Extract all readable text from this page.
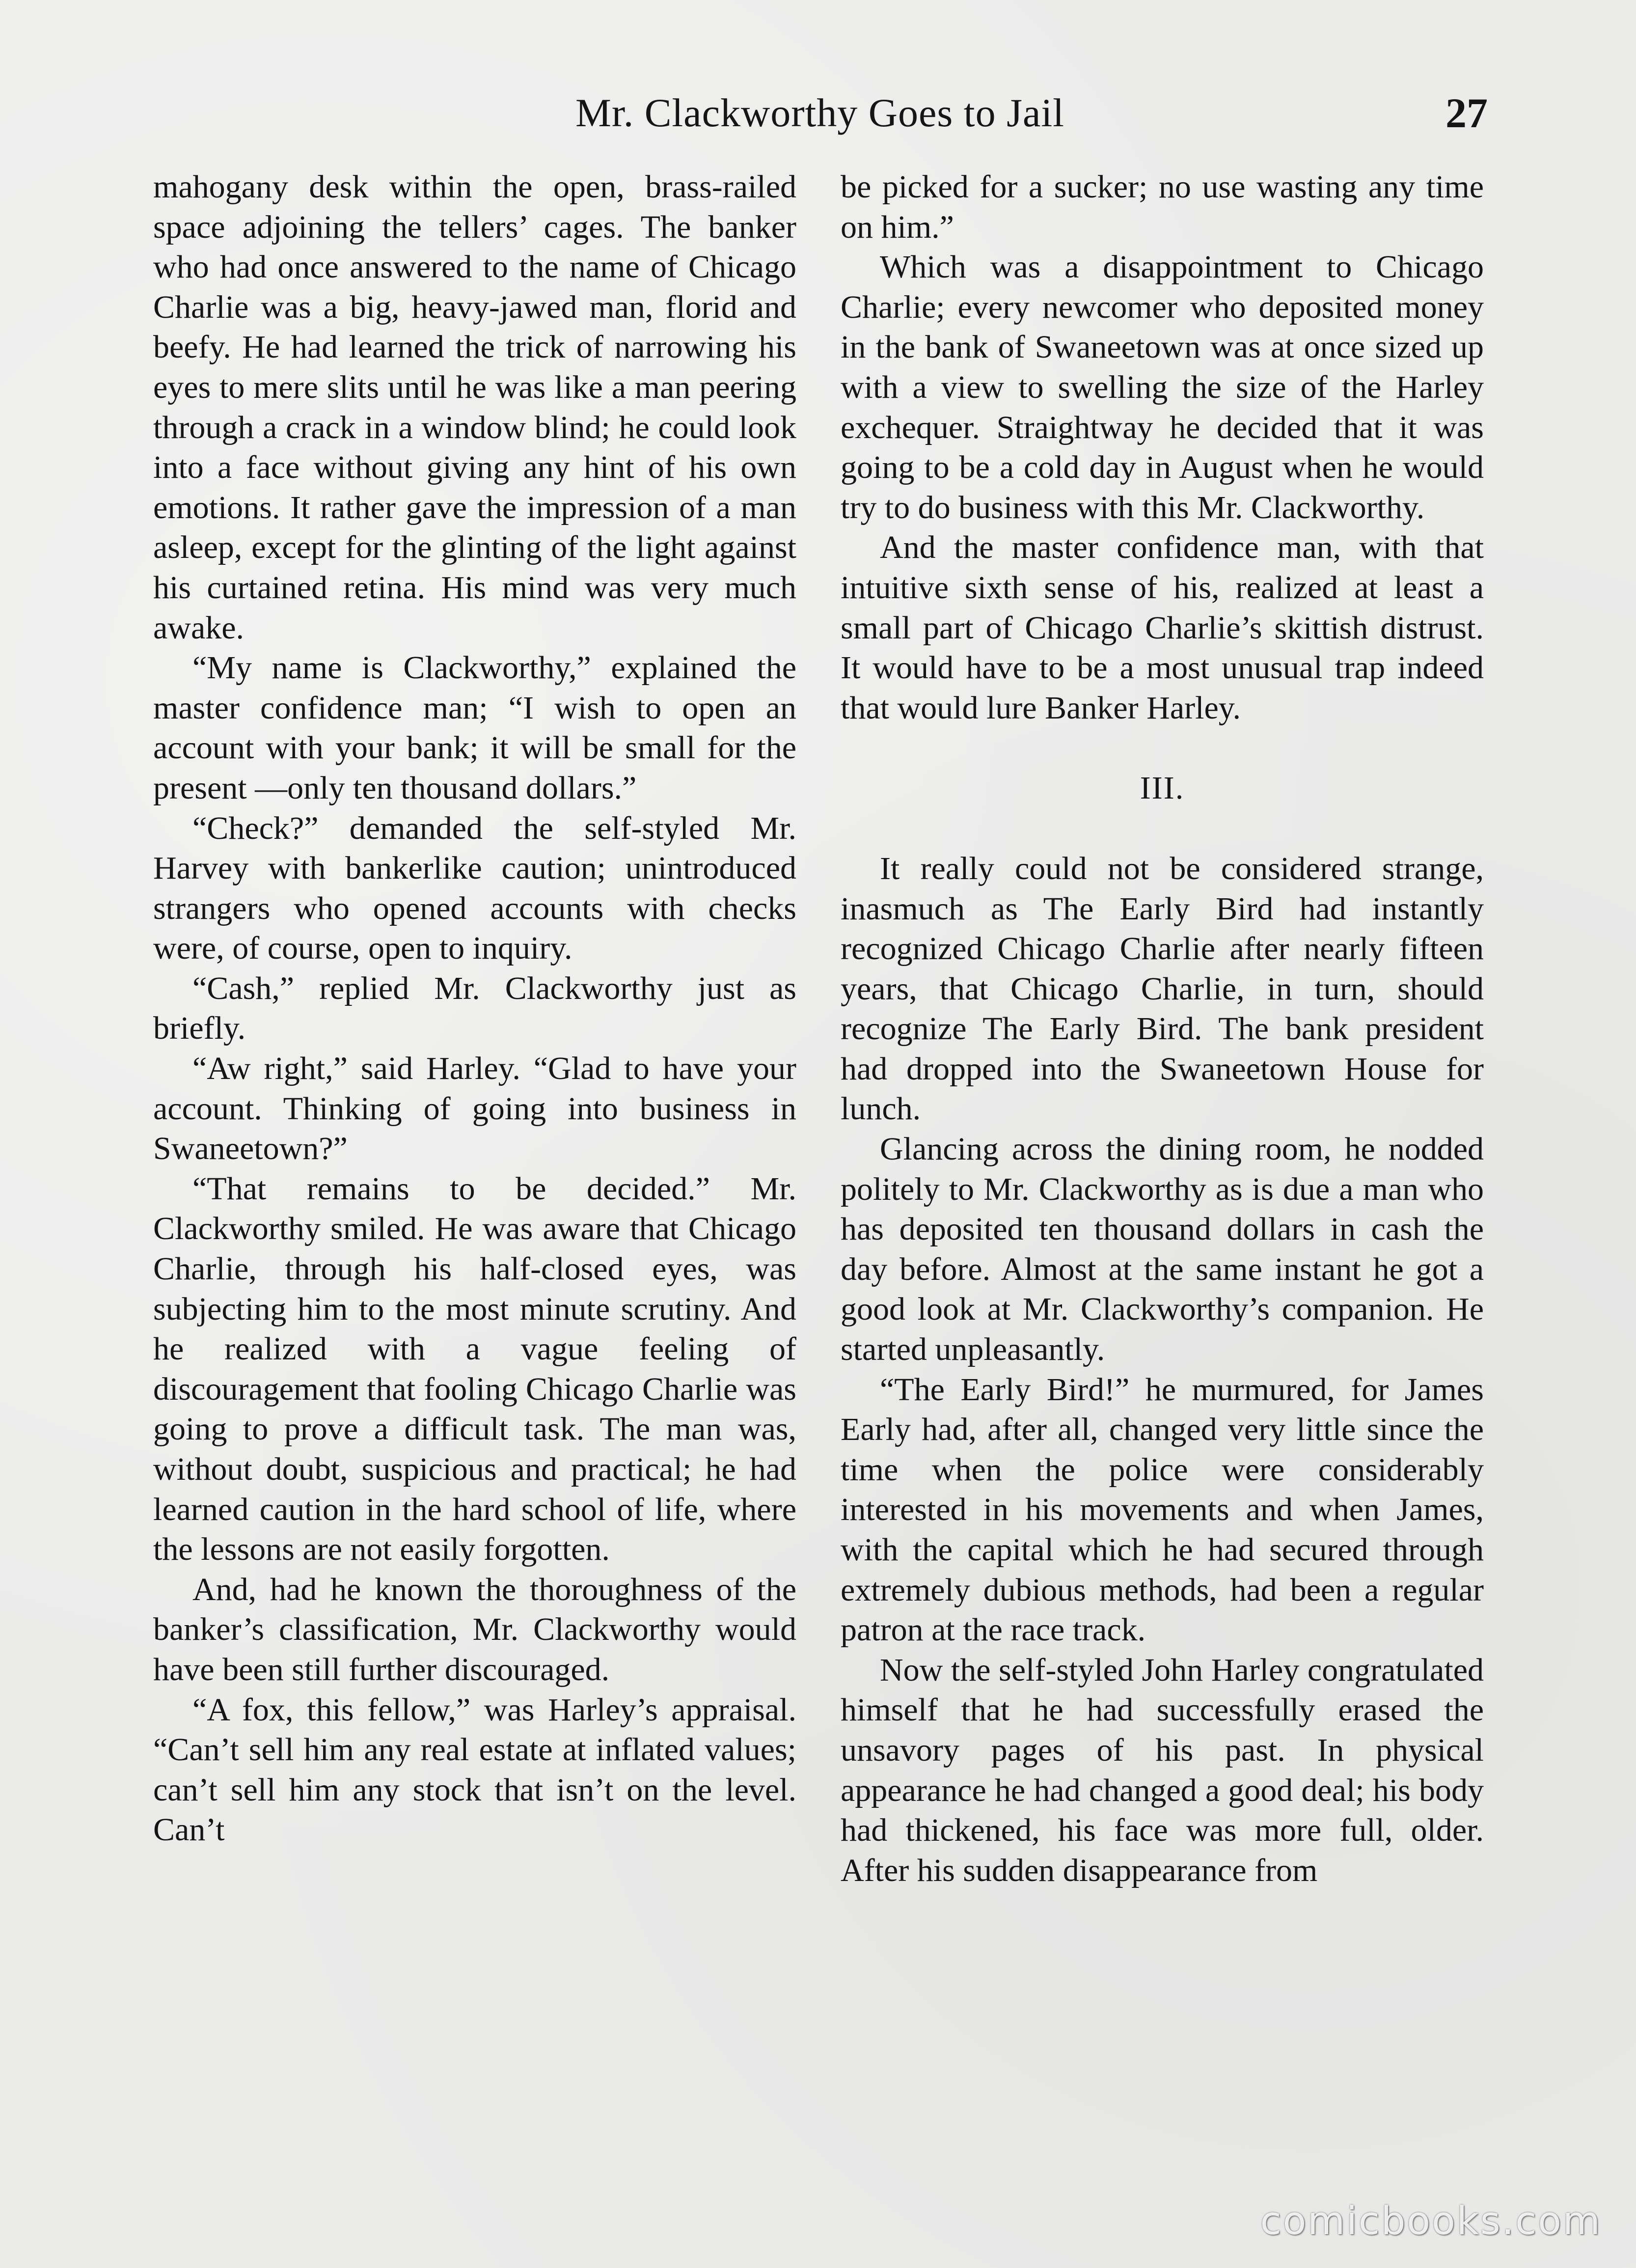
Mr. Clackworthy Goes to Jail	27

mahogany desk within the open, brass-railed space adjoining the tellers’ cages. The banker who had once answered to the name of Chicago Charlie was a big, heavy-jawed man, florid and beefy. He had learned the trick of narrowing his eyes to mere slits until he was like a man peering through a crack in a window blind; he could look into a face without giving any hint of his own emotions. It rather gave the impression of a man asleep, except for the glinting of the light against his curtained retina. His mind was very much awake.

“My name is Clackworthy,” explained the master confidence man; “I wish to open an account with your bank; it will be small for the present —only ten thousand dollars.”

“Check?” demanded the self-styled Mr. Harvey with bankerlike caution; unintroduced strangers who opened accounts with checks were, of course, open to inquiry.

“Cash,” replied Mr. Clackworthy just as briefly.

“Aw right,” said Harley. “Glad to have your account. Thinking of going into business in Swaneetown?”

“That remains to be decided.” Mr. Clackworthy smiled. He was aware that Chicago Charlie, through his half-closed eyes, was subjecting him to the most minute scrutiny. And he realized with a vague feeling of discouragement that fooling Chicago Charlie was going to prove a difficult task. The man was, without doubt, suspicious and practical; he had learned caution in the hard school of life, where the lessons are not easily forgotten.

And, had he known the thoroughness of the banker’s classification, Mr. Clackworthy would have been still further discouraged.

“A fox, this fellow,” was Harley’s appraisal. “Can’t sell him any real estate at inflated values; can’t sell him any stock that isn’t on the level. Can’t

be picked for a sucker; no use wasting any time on him.”

Which was a disappointment to Chicago Charlie; every newcomer who deposited money in the bank of Swaneetown was at once sized up with a view to swelling the size of the Harley exchequer. Straightway he decided that it was going to be a cold day in August when he would try to do business with this Mr. Clackworthy.

And the master confidence man, with that intuitive sixth sense of his, realized at least a small part of Chicago Charlie’s skittish distrust. It would have to be a most unusual trap indeed that would lure Banker Harley.

III.

It really could not be considered strange, inasmuch as The Early Bird had instantly recognized Chicago Charlie after nearly fifteen years, that Chicago Charlie, in turn, should recognize The Early Bird. The bank president had dropped into the Swaneetown House for lunch.

Glancing across the dining room, he nodded politely to Mr. Clackworthy as is due a man who has deposited ten thousand dollars in cash the day before. Almost at the same instant he got a good look at Mr. Clackworthy’s companion. He started unpleasantly.

“The Early Bird!” he murmured, for James Early had, after all, changed very little since the time when the police were considerably interested in his movements and when James, with the capital which he had secured through extremely dubious methods, had been a regular patron at the race track.

Now the self-styled John Harley congratulated himself that he had successfully erased the unsavory pages of his past. In physical appearance he had changed a good deal; his body had thickened, his face was more full, older. After his sudden disappearance from

comicbooks.com
